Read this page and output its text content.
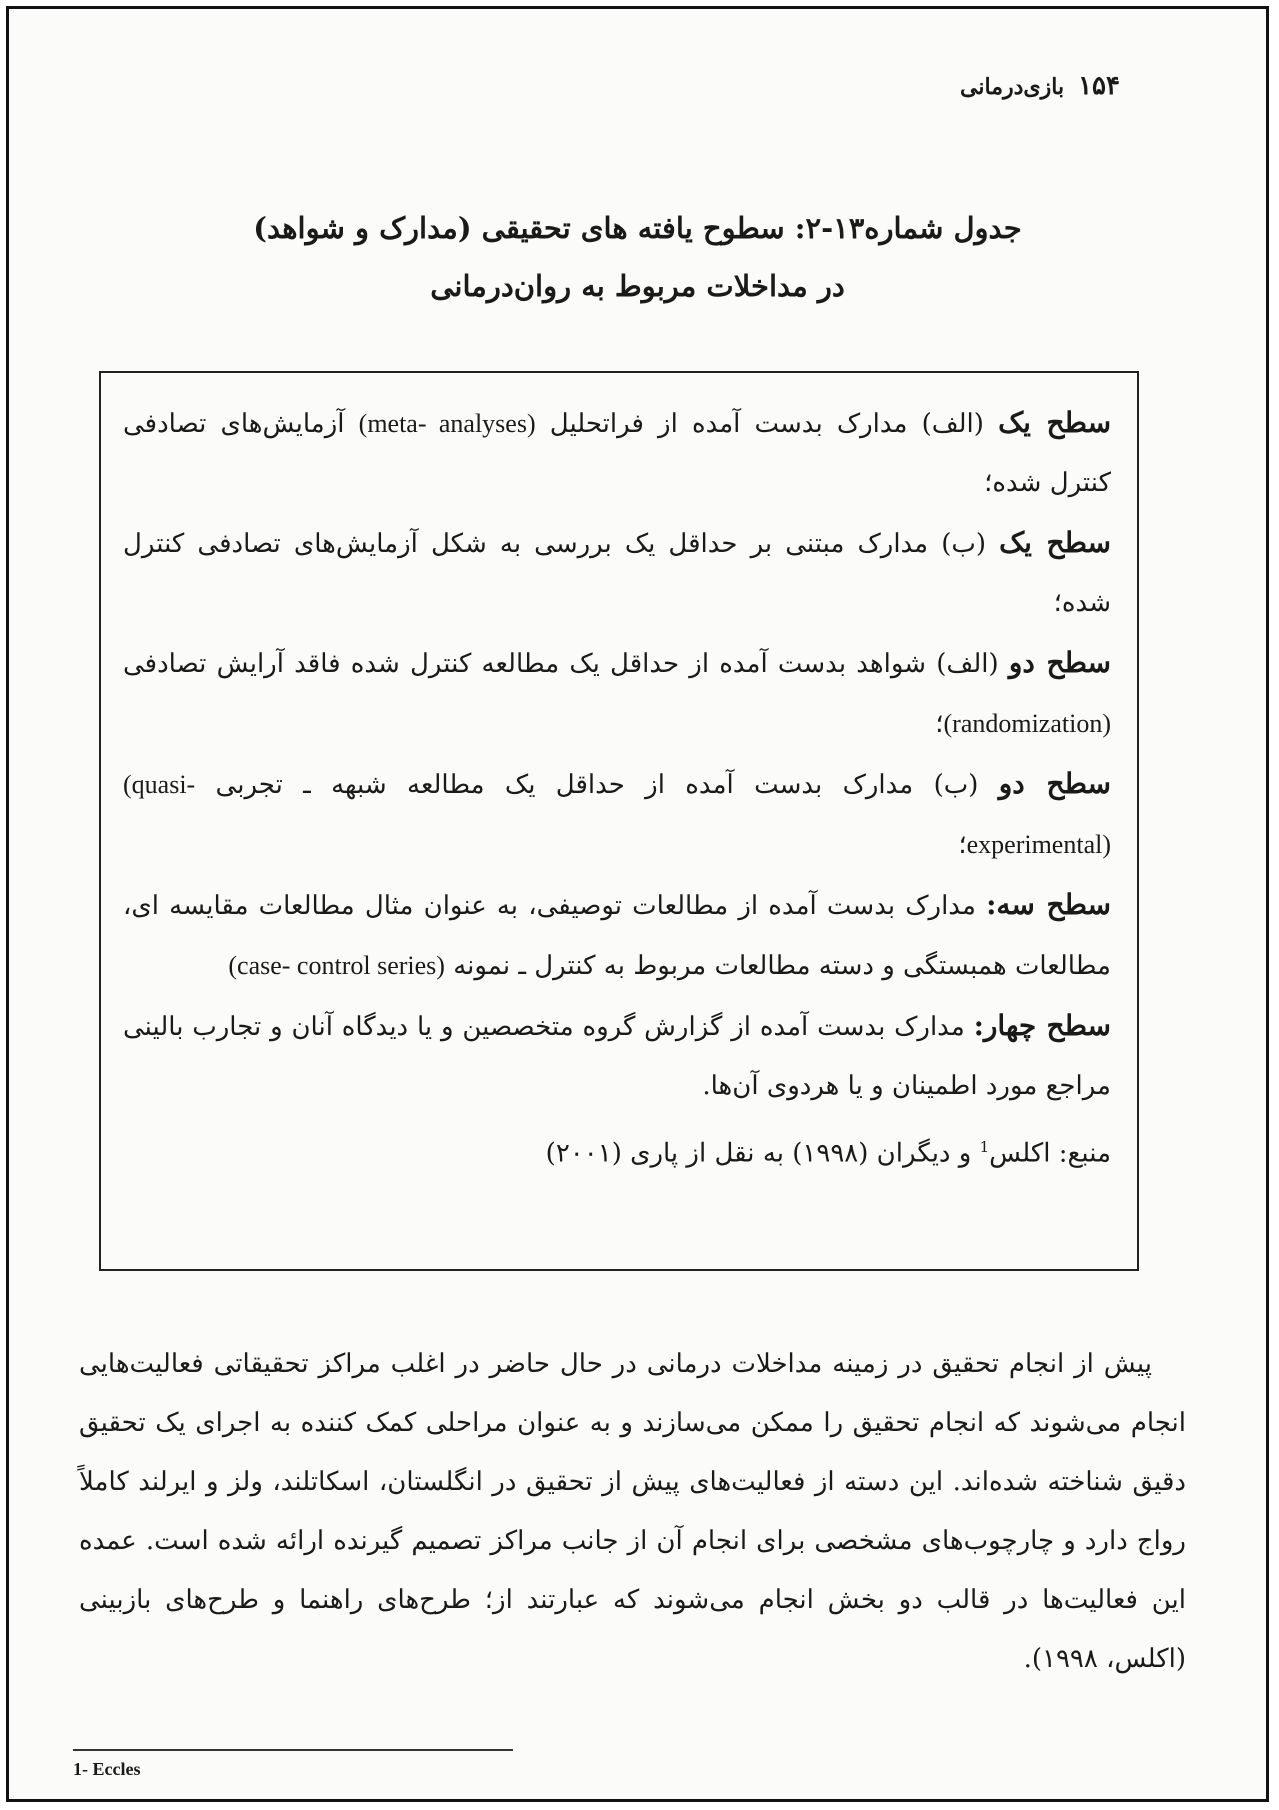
۱۵۴
بازی‌درمانی
جدول شماره۱۳-۲: سطوح یافته های تحقیقی (مدارک و شواهد)
در مداخلات مربوط به روان‌درمانی

سطح یک (الف) مدارک بدست آمده از فراتحلیل (meta- analyses) آزمایش‌های تصادفی کنترل شده؛

سطح یک (ب) مدارک مبتنی بر حداقل یک بررسی به شکل آزمایش‌های تصادفی کنترل شده؛

سطح دو (الف) شواهد بدست آمده از حداقل یک مطالعه کنترل شده فاقد آرایش تصادفی (randomization)؛

سطح دو (ب) مدارک بدست آمده از حداقل یک مطالعه شبهه ـ تجربی (quasi- experimental)؛

سطح سه: مدارک بدست آمده از مطالعات توصیفی، به عنوان مثال مطالعات مقایسه ای، مطالعات همبستگی و دسته مطالعات مربوط به کنترل ـ نمونه (case- control series)

سطح چهار: مدارک بدست آمده از گزارش گروه متخصصین و یا دیدگاه آنان و تجارب بالینی مراجع مورد اطمینان و یا هردوی آن‌ها.

منبع: اکلس$^1$ و دیگران (۱۹۹۸) به نقل از پاری (۲۰۰۱)

پیش از انجام تحقیق در زمینه مداخلات درمانی در حال حاضر در اغلب مراکز تحقیقاتی فعالیت‌هایی انجام می‌شوند که انجام تحقیق را ممکن می‌سازند و به عنوان مراحلی کمک کننده به اجرای یک تحقیق دقیق شناخته شده‌اند. این دسته از فعالیت‌های پیش از تحقیق در انگلستان، اسکاتلند، ولز و ایرلند کاملاً رواج دارد و چارچوب‌های مشخصی برای انجام آن از جانب مراکز تصمیم گیرنده ارائه شده است. عمده این فعالیت‌ها در قالب دو بخش انجام می‌شوند که عبارتند از؛ طرح‌های راهنما و طرح‌های بازبینی (اکلس، ۱۹۹۸).

1- Eccles
